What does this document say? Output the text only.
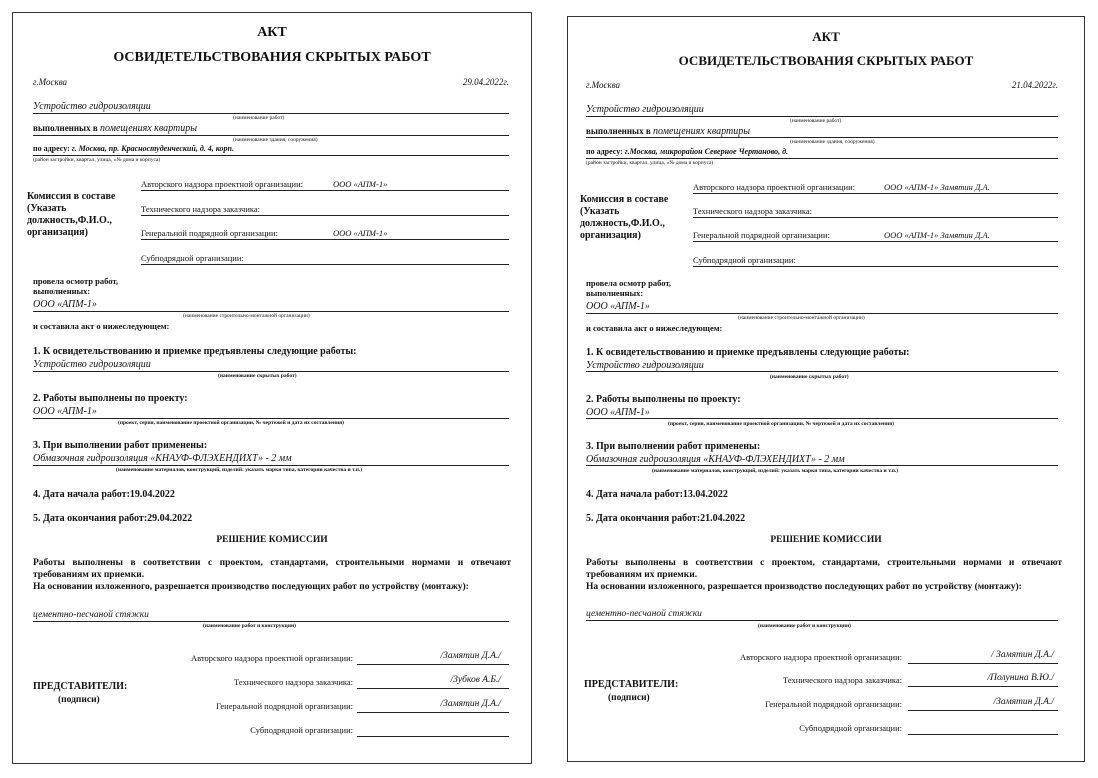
АКТ
ОСВИДЕТЕЛЬСТВОВАНИЯ СКРЫТЫХ РАБОТ
г.Москва	29.04.2022г.
Устройство гидроизоляции
(наименование работ)
выполненных в помещениях квартиры
(наименование здания, сооружения)
по адресу: г. Москва, пр. Красностуденческий, д. 4, корп.
(район застройки, квартал, улица, «№ дома и корпуса)
Комиссия в составе (Указать должность,Ф.И.О., организация)
Авторского надзора проектной организации:	ООО «АПМ-1»
Технического надзора заказчика:
Генеральной подрядной организации:	ООО «АПМ-1»
Субподрядной организации:
провела осмотр работ, выполненных:
ООО «АПМ-1»
(наименование строительно-монтажной организации)
и составила акт о нижеследующем:
1. К освидетельствованию и приемке предъявлены следующие работы:
Устройство гидроизоляции
(наименование скрытых работ)
2. Работы выполнены по проекту:
ООО «АПМ-1»
(проект, серия, наименование проектной организации, № чертежей и дата их составления)
3. При выполнении работ применены:
Обмазочная гидроизоляция «КНАУФ-ФЛЭХЕНДИХТ» - 2 мм
(наименование материалов, конструкций, изделий: указать марки типа, категории качества и т.п.)
4. Дата начала работ:19.04.2022
5. Дата окончания работ:29.04.2022
РЕШЕНИЕ КОМИССИИ
Работы выполнены в соответствии с проектом, стандартами, строительными нормами и отвечают требованиям их приемки.
На основании изложенного, разрешается производство последующих работ по устройству (монтажу):
цементно-песчаной стяжки
(наименование работ и конструкции)
ПРЕДСТАВИТЕЛИ:
(подписи)
Авторского надзора проектной организации:	/Замятин Д.А./
Технического надзора заказчика:	/Зубков А.Б./
Генеральной подрядной организации:	/Замятин Д.А./
Субподрядной организации:
АКТ
ОСВИДЕТЕЛЬСТВОВАНИЯ СКРЫТЫХ РАБОТ
г.Москва	21.04.2022г.
Устройство гидроизоляции
(наименование работ)
выполненных в помещениях квартиры
(наименование здания, сооружения)
по адресу: г.Москва, микрорайон Северное Чертаново, д.
(район застройки, квартал, улица, «№ дома и корпуса)
Комиссия в составе (Указать должность,Ф.И.О., организация)
Авторского надзора проектной организации:	ООО «АПМ-1» Замятин Д.А.
Технического надзора заказчика:
Генеральной подрядной организации:	ООО «АПМ-1» Замятин Д.А.
Субподрядной организации:
провела осмотр работ, выполненных:
ООО «АПМ-1»
(наименование строительно-монтажной организации)
и составила акт о нижеследующем:
1. К освидетельствованию и приемке предъявлены следующие работы:
Устройство гидроизоляции
(наименование скрытых работ)
2. Работы выполнены по проекту:
ООО «АПМ-1»
(проект, серия, наименование проектной организации, № чертежей и дата их составления)
3. При выполнении работ применены:
Обмазочная гидроизоляция «КНАУФ-ФЛЭХЕНДИХТ» - 2 мм
(наименование материалов, конструкций, изделий: указать марки типа, категории качества и т.п.)
4. Дата начала работ:13.04.2022
5. Дата окончания работ:21.04.2022
РЕШЕНИЕ КОМИССИИ
Работы выполнены в соответствии с проектом, стандартами, строительными нормами и отвечают требованиям их приемки.
На основании изложенного, разрешается производство последующих работ по устройству (монтажу):
цементно-песчаной стяжки
(наименование работ и конструкции)
ПРЕДСТАВИТЕЛИ:
(подписи)
Авторского надзора проектной организации:	/ Замятин Д.А./
Технического надзора заказчика:	/Полунина В.Ю./
Генеральной подрядной организации:	/Замятин Д.А./
Субподрядной организации:
